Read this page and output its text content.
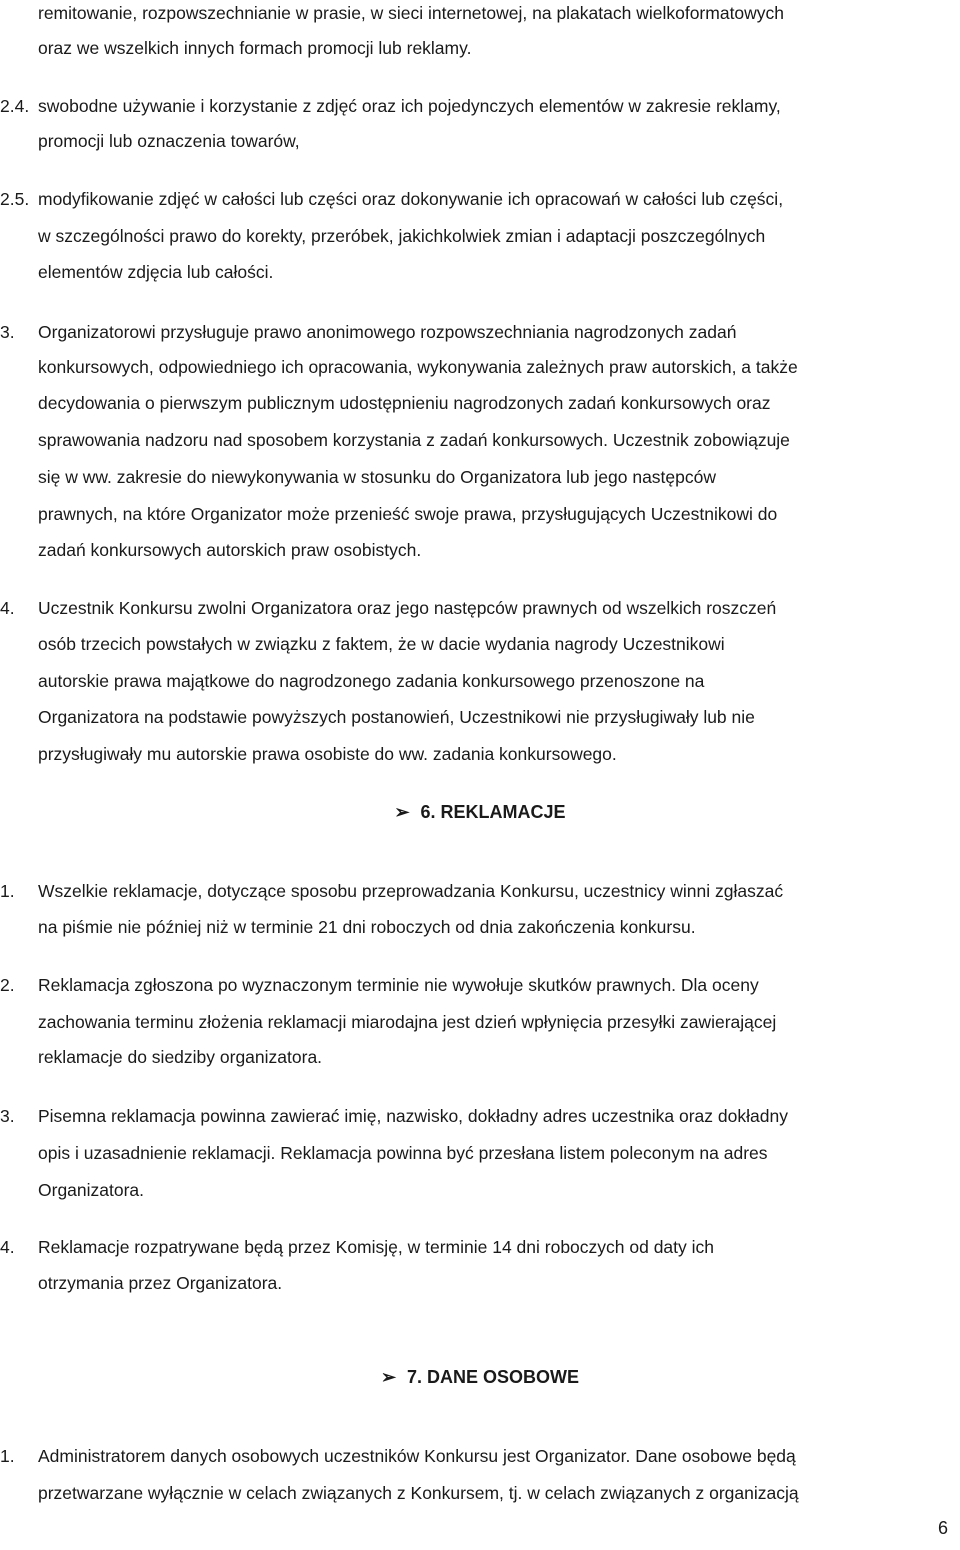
remitowanie, rozpowszechnianie w prasie, w sieci internetowej, na plakatach wielkoformatowych
oraz we wszelkich innych formach promocji lub reklamy.
2.4. swobodne używanie i korzystanie z zdjęć oraz ich pojedynczych elementów w zakresie reklamy,
promocji lub oznaczenia towarów,
2.5. modyfikowanie zdjęć w całości lub części oraz dokonywanie ich opracowań w całości lub części,
w szczególności prawo do korekty, przeróbek, jakichkolwiek zmian i adaptacji poszczególnych
elementów zdjęcia lub całości.
3. Organizatorowi przysługuje prawo anonimowego rozpowszechniania nagrodzonych zadań
konkursowych, odpowiedniego ich opracowania, wykonywania zależnych praw autorskich, a także
decydowania o pierwszym publicznym udostępnieniu nagrodzonych zadań konkursowych oraz
sprawowania nadzoru nad sposobem korzystania z zadań konkursowych. Uczestnik zobowiązuje
się w ww. zakresie do niewykonywania w stosunku do Organizatora lub jego następców
prawnych, na które Organizator może przenieść swoje prawa, przysługujących Uczestnikowi do
zadań konkursowych autorskich praw osobistych.
4. Uczestnik Konkursu zwolni Organizatora oraz jego następców prawnych od wszelkich roszczeń
osób trzecich powstałych w związku z faktem, że w dacie wydania nagrody Uczestnikowi
autorskie prawa majątkowe do nagrodzonego zadania konkursowego przenoszone na
Organizatora na podstawie powyższych postanowień, Uczestnikowi nie przysługiwały lub nie
przysługiwały mu autorskie prawa osobiste do ww. zadania konkursowego.
➢ 6. REKLAMACJE
1. Wszelkie reklamacje, dotyczące sposobu przeprowadzania Konkursu, uczestnicy winni zgłaszać
na piśmie nie później niż w terminie 21 dni roboczych od dnia zakończenia konkursu.
2. Reklamacja zgłoszona po wyznaczonym terminie nie wywołuje skutków prawnych. Dla oceny
zachowania terminu złożenia reklamacji miarodajna jest dzień wpłynięcia przesyłki zawierającej
reklamacje do siedziby organizatora.
3. Pisemna reklamacja powinna zawierać imię, nazwisko, dokładny adres uczestnika oraz dokładny
opis i uzasadnienie reklamacji. Reklamacja powinna być przesłana listem poleconym na adres
Organizatora.
4. Reklamacje rozpatrywane będą przez Komisję, w terminie 14 dni roboczych od daty ich
otrzymania przez Organizatora.
➢ 7. DANE OSOBOWE
1. Administratorem danych osobowych uczestników Konkursu jest Organizator. Dane osobowe będą
przetwarzane wyłącznie w celach związanych z Konkursem, tj. w celach związanych z organizacją
6
